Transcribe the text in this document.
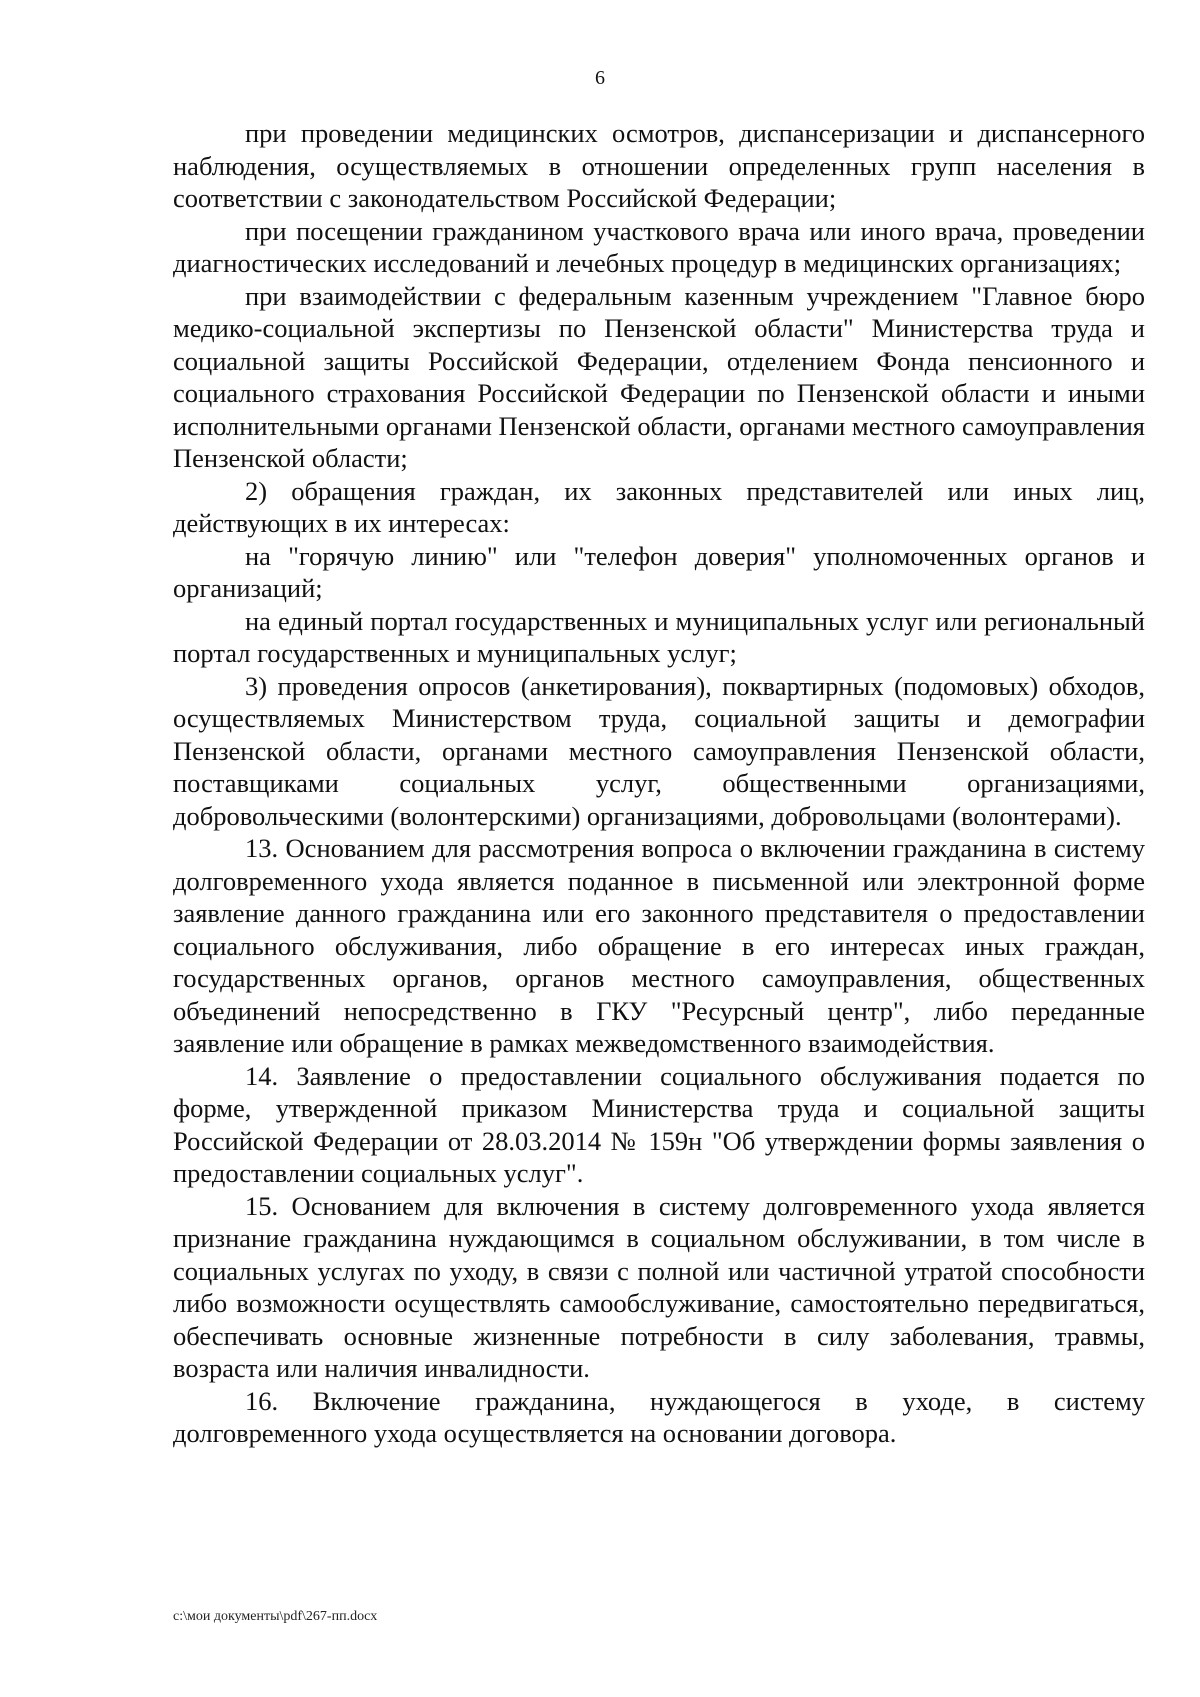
6

при проведении медицинских осмотров, диспансеризации и диспансерного наблюдения, осуществляемых в отношении определенных групп населения в соответствии с законодательством Российской Федерации;

при посещении гражданином участкового врача или иного врача, проведении диагностических исследований и лечебных процедур в медицинских организациях;

при взаимодействии с федеральным казенным учреждением "Главное бюро медико-социальной экспертизы по Пензенской области" Министерства труда и социальной защиты Российской Федерации, отделением Фонда пенсионного и социального страхования Российской Федерации по Пензенской области и иными исполнительными органами Пензенской области, органами местного самоуправления Пензенской области;

2) обращения граждан, их законных представителей или иных лиц, действующих в их интересах:

на "горячую линию" или "телефон доверия" уполномоченных органов и организаций;

на единый портал государственных и муниципальных услуг или региональный портал государственных и муниципальных услуг;

3) проведения опросов (анкетирования), поквартирных (подомовых) обходов, осуществляемых Министерством труда, социальной защиты и демографии Пензенской области, органами местного самоуправления Пензенской области, поставщиками социальных услуг, общественными организациями, добровольческими (волонтерскими) организациями, добровольцами (волонтерами).

13. Основанием для рассмотрения вопроса о включении гражданина в систему долговременного ухода является поданное в письменной или электронной форме заявление данного гражданина или его законного представителя о предоставлении социального обслуживания, либо обращение в его интересах иных граждан, государственных органов, органов местного самоуправления, общественных объединений непосредственно в ГКУ "Ресурсный центр", либо переданные заявление или обращение в рамках межведомственного взаимодействия.

14. Заявление о предоставлении социального обслуживания подается по форме, утвержденной приказом Министерства труда и социальной защиты Российской Федерации от 28.03.2014 № 159н "Об утверждении формы заявления о предоставлении социальных услуг".

15. Основанием для включения в систему долговременного ухода является признание гражданина нуждающимся в социальном обслуживании, в том числе в социальных услугах по уходу, в связи с полной или частичной утратой способности либо возможности осуществлять самообслуживание, самостоятельно передвигаться, обеспечивать основные жизненные потребности в силу заболевания, травмы, возраста или наличия инвалидности.

16. Включение гражданина, нуждающегося в уходе, в систему долговременного ухода осуществляется на основании договора.

c:\мои документы\pdf\267-пп.docx
